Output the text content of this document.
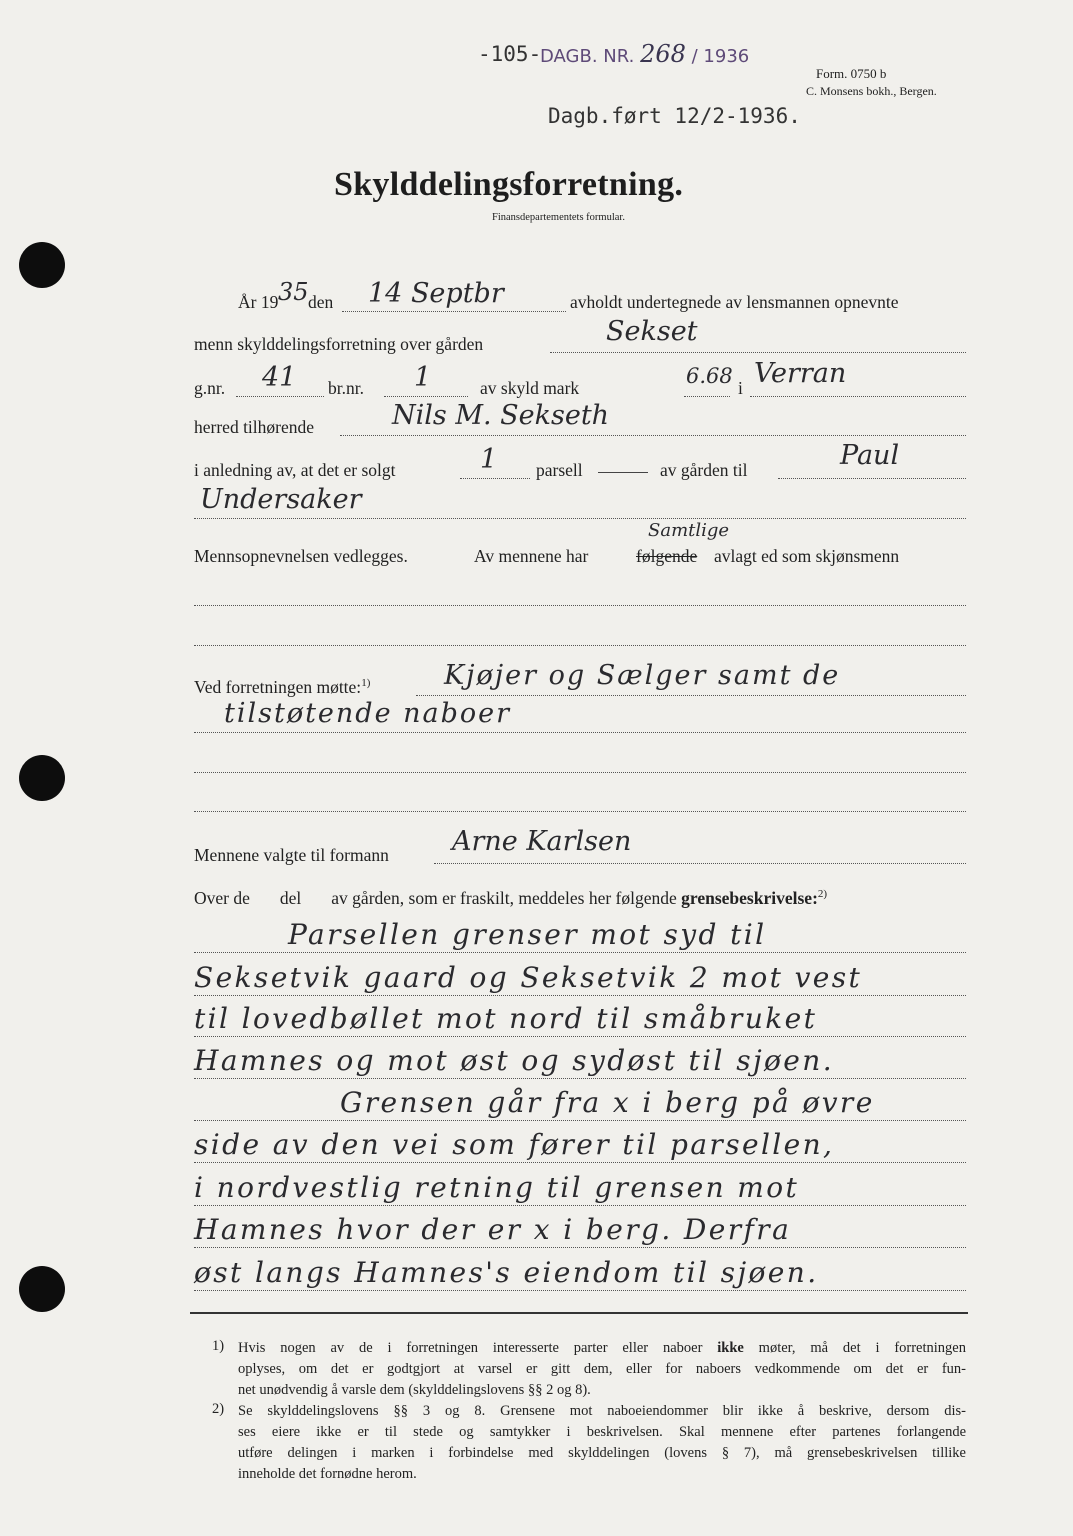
-105-
DAGB. NR. 268 / 1936
Form. 0750 b
C. Monsens bokh., Bergen.
Dagb.ført 12/2-1936.
Skylddelingsforretning.
Finansdepartementets formular.
År 19 35 den 14 Septbr	avholdt undertegnede av lensmannen opnevnte
menn skylddelingsforretning over gården	Sekset
g.nr. 41 br.nr. 1	av skyld mark	6.68 i Verran
herred tilhørende	Nils M. Sekseth
i anledning av, at det er solgt	1 parsell	av gården til	Paul
Undersaker
Mennsopnevnelsen vedlegges.	Av mennene har	følgende
Samtlige
avlagt ed som skjønsmenn
Ved forretningen møtte:$^{1)}$	Kjøjer og Sælger samt de
tilstøtende naboer
Mennene valgte til formann Arne Karlsen
Over de del av gården, som er fraskilt, meddeles her følgende grensebeskrivelse:$^{2)}$
Parsellen grenser mot syd til
Seksetvik gaard og Seksetvik 2 mot vest
til lovedbøllet mot nord til småbruket
Hamnes og mot øst og sydøst til sjøen.
Grensen går fra x i berg på øvre
side av den vei som fører til parsellen,
i nordvestlig retning til grensen mot
Hamnes hvor der er x i berg. Derfra
øst langs Hamnes's eiendom til sjøen.
1) Hvis nogen av de i forretningen interesserte parter eller naboer ikke møter, må det i forretningen
oplyses, om det er godtgjort at varsel er gitt dem, eller for naboers vedkommende om det er fun-
net unødvendig å varsle dem (skylddelingslovens §§ 2 og 8).
2) Se skylddelingslovens §§ 3 og 8. Grensene mot naboeiendommer blir ikke å beskrive, dersom dis-
ses eiere ikke er til stede og samtykker i beskrivelsen. Skal mennene efter partenes forlangende
utføre delingen i marken i forbindelse med skylddelingen (lovens § 7), må grensebeskrivelsen tillike
inneholde det fornødne herom.
